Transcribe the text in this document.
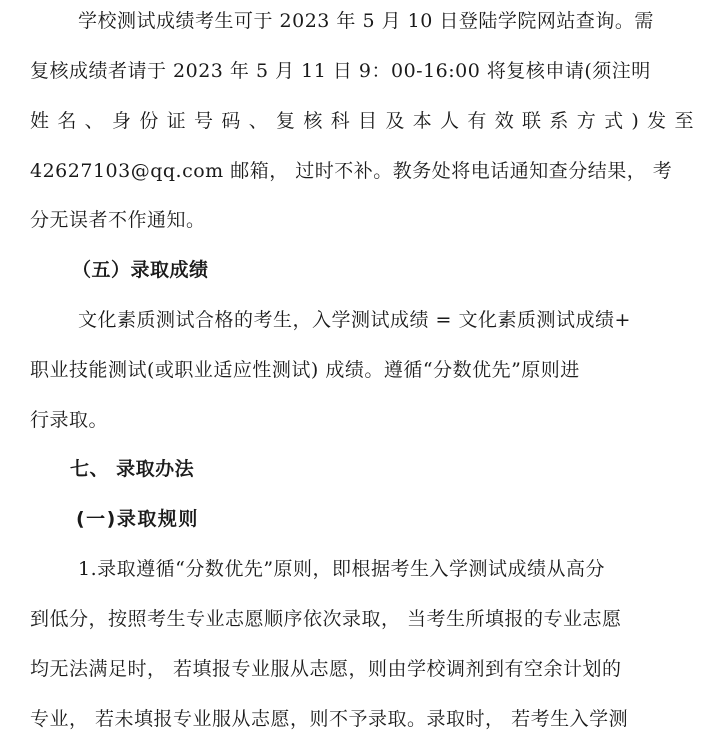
学校测试成绩考生可于 2023 年 5 月 10 日登陆学院网站查询。需
复核成绩者请于 2023 年 5 月 11 日 9：00-16:00 将复核申请(须注明
姓名、身份证号码、复核科目及本人有效联系方式)发至
42627103@qq.com 邮箱， 过时不补。教务处将电话通知查分结果， 考
分无误者不作通知。
（五）录取成绩
文化素质测试合格的考生，入学测试成绩 = 文化素质测试成绩+
职业技能测试(或职业适应性测试) 成绩。遵循“分数优先”原则进
行录取。
七、 录取办法
(一)录取规则
1.录取遵循“分数优先”原则，即根据考生入学测试成绩从高分
到低分，按照考生专业志愿顺序依次录取， 当考生所填报的专业志愿
均无法满足时， 若填报专业服从志愿，则由学校调剂到有空余计划的
专业， 若未填报专业服从志愿，则不予录取。录取时， 若考生入学测
